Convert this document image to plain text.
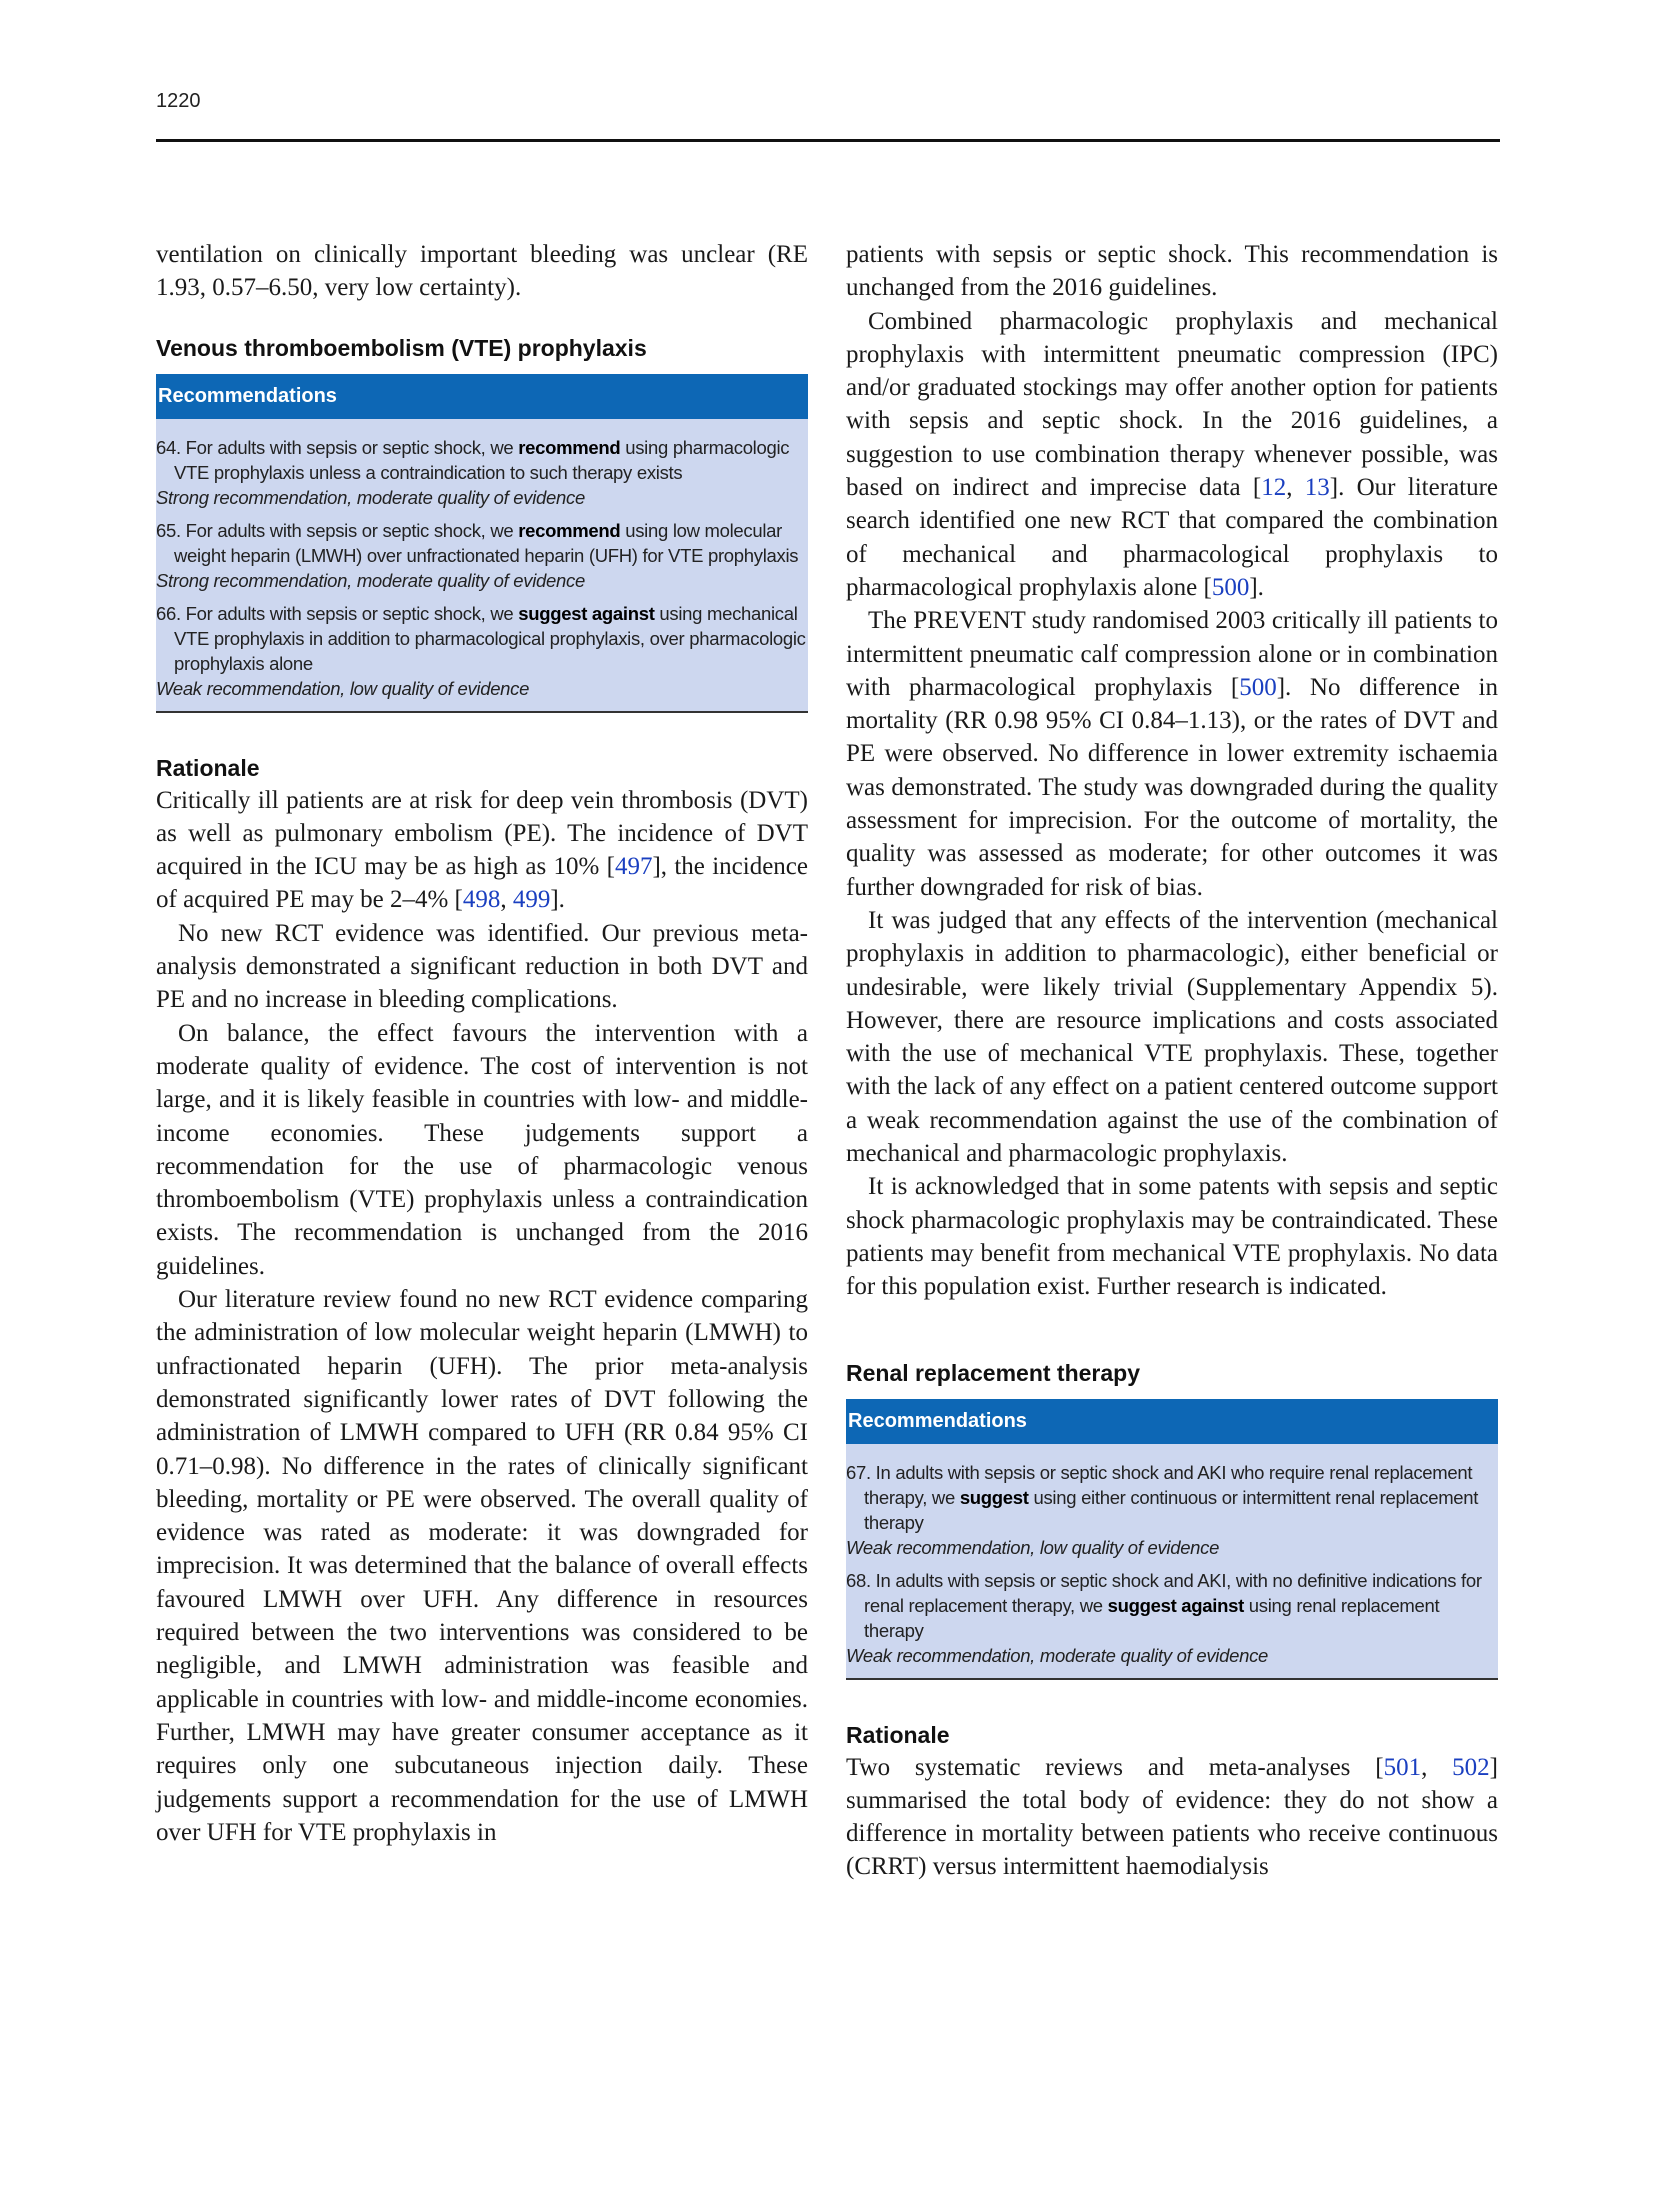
1220

ventilation on clinically important bleeding was unclear (RE 1.93, 0.57–6.50, very low certainty).

Venous thromboembolism (VTE) prophylaxis
Recommendations
64. For adults with sepsis or septic shock, we recommend using pharmacologic VTE prophylaxis unless a contraindication to such therapy exists
Strong recommendation, moderate quality of evidence
65. For adults with sepsis or septic shock, we recommend using low molecular weight heparin (LMWH) over unfractionated heparin (UFH) for VTE prophylaxis
Strong recommendation, moderate quality of evidence
66. For adults with sepsis or septic shock, we suggest against using mechanical VTE prophylaxis in addition to pharmacological prophylaxis, over pharmacologic prophylaxis alone
Weak recommendation, low quality of evidence
Rationale

Critically ill patients are at risk for deep vein thrombosis (DVT) as well as pulmonary embolism (PE). The incidence of DVT acquired in the ICU may be as high as 10% [497], the incidence of acquired PE may be 2–4% [498, 499].

No new RCT evidence was identified. Our previous meta-analysis demonstrated a significant reduction in both DVT and PE and no increase in bleeding complications.

On balance, the effect favours the intervention with a moderate quality of evidence. The cost of intervention is not large, and it is likely feasible in countries with low- and middle-income economies. These judgements support a recommendation for the use of pharmacologic venous thromboembolism (VTE) prophylaxis unless a contraindication exists. The recommendation is unchanged from the 2016 guidelines.

Our literature review found no new RCT evidence comparing the administration of low molecular weight heparin (LMWH) to unfractionated heparin (UFH). The prior meta-analysis demonstrated significantly lower rates of DVT following the administration of LMWH compared to UFH (RR 0.84 95% CI 0.71–0.98). No difference in the rates of clinically significant bleeding, mortality or PE were observed. The overall quality of evidence was rated as moderate: it was downgraded for imprecision. It was determined that the balance of overall effects favoured LMWH over UFH. Any difference in resources required between the two interventions was considered to be negligible, and LMWH administration was feasible and applicable in countries with low- and middle-income economies. Further, LMWH may have greater consumer acceptance as it requires only one subcutaneous injection daily. These judgements support a recommendation for the use of LMWH over UFH for VTE prophylaxis in

patients with sepsis or septic shock. This recommendation is unchanged from the 2016 guidelines.

Combined pharmacologic prophylaxis and mechanical prophylaxis with intermittent pneumatic compression (IPC) and/or graduated stockings may offer another option for patients with sepsis and septic shock. In the 2016 guidelines, a suggestion to use combination therapy whenever possible, was based on indirect and imprecise data [12, 13]. Our literature search identified one new RCT that compared the combination of mechanical and pharmacological prophylaxis to pharmacological prophylaxis alone [500].

The PREVENT study randomised 2003 critically ill patients to intermittent pneumatic calf compression alone or in combination with pharmacological prophylaxis [500]. No difference in mortality (RR 0.98 95% CI 0.84–1.13), or the rates of DVT and PE were observed. No difference in lower extremity ischaemia was demonstrated. The study was downgraded during the quality assessment for imprecision. For the outcome of mortality, the quality was assessed as moderate; for other outcomes it was further downgraded for risk of bias.

It was judged that any effects of the intervention (mechanical prophylaxis in addition to pharmacologic), either beneficial or undesirable, were likely trivial (Supplementary Appendix 5). However, there are resource implications and costs associated with the use of mechanical VTE prophylaxis. These, together with the lack of any effect on a patient centered outcome support a weak recommendation against the use of the combination of mechanical and pharmacologic prophylaxis.

It is acknowledged that in some patents with sepsis and septic shock pharmacologic prophylaxis may be contraindicated. These patients may benefit from mechanical VTE prophylaxis. No data for this population exist. Further research is indicated.

Renal replacement therapy
Recommendations
67. In adults with sepsis or septic shock and AKI who require renal replacement therapy, we suggest using either continuous or intermittent renal replacement therapy
Weak recommendation, low quality of evidence
68. In adults with sepsis or septic shock and AKI, with no definitive indications for renal replacement therapy, we suggest against using renal replacement therapy
Weak recommendation, moderate quality of evidence
Rationale

Two systematic reviews and meta-analyses [501, 502] summarised the total body of evidence: they do not show a difference in mortality between patients who receive continuous (CRRT) versus intermittent haemodialysis
